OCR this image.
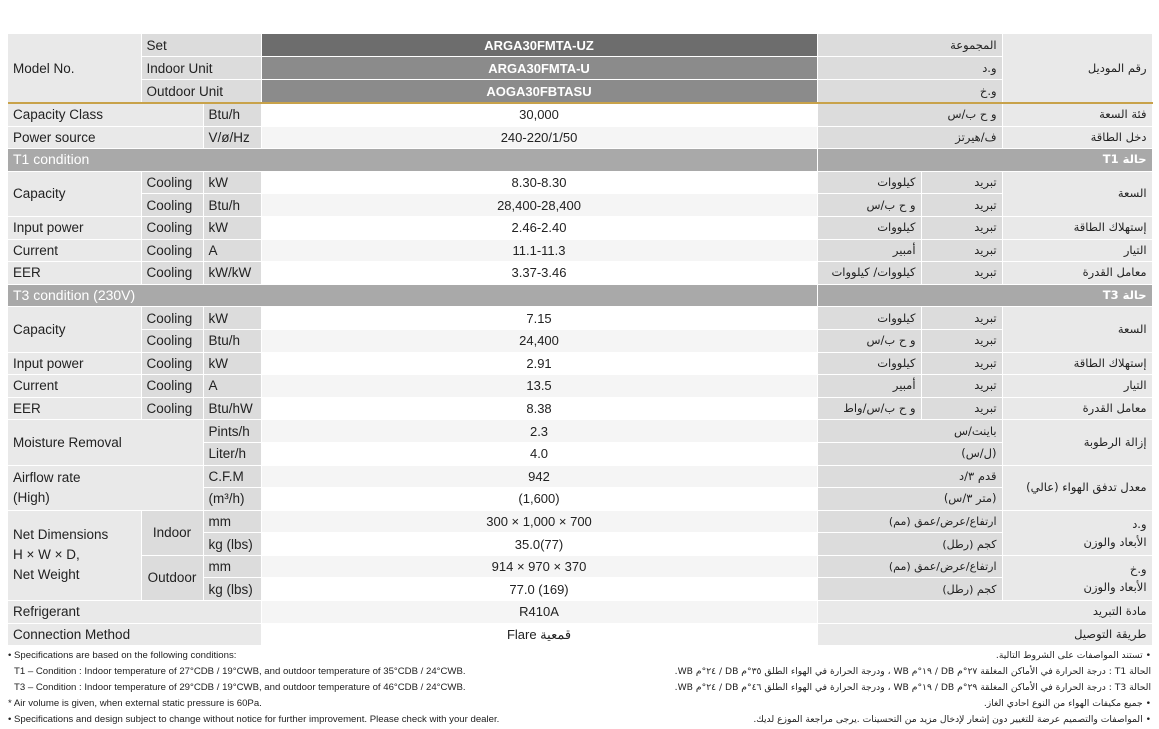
Model No.	Set		ARGA30FMTA-UZ	المجموعة		رقم الموديل
	Indoor Unit		ARGA30FMTA-U	و.د		
	Outdoor Unit		AOGA30FBTASU	و.خ		
Capacity Class		Btu/h	30,000	و ح ب/س		فئة السعة
Power source		V/ø/Hz	240-220/1/50	ف/هيرتز		دخل الطاقة
T1 condition				حالة T1		
Capacity	Cooling	kW	8.30-8.30	كيلووات	تبريد	السعة
	Cooling	Btu/h	28,400-28,400	و ح ب/س	تبريد	
Input power	Cooling	kW	2.46-2.40	كيلووات	تبريد	إستهلاك الطاقة
Current	Cooling	A	11.1-11.3	أمبير	تبريد	التيار
EER	Cooling	kW/kW	3.37-3.46	كيلووات/ كيلووات	تبريد	معامل القدرة
T3 condition (230V)				حالة T3		
Capacity	Cooling	kW	7.15	كيلووات	تبريد	السعة
	Cooling	Btu/h	24,400	و ح ب/س	تبريد	
Input power	Cooling	kW	2.91	كيلووات	تبريد	إستهلاك الطاقة
Current	Cooling	A	13.5	أمبير	تبريد	التيار
EER	Cooling	Btu/hW	8.38	و ح ب/س/واط	تبريد	معامل القدرة
Moisture Removal		Pints/h	2.3	باينت/س		إزالة الرطوبة
		Liter/h	4.0	(ل/س)		
Airflow rate
(High)		C.F.M	942	قدم ٣/د		معدل تدفق الهواء (عالي)
		(m³/h)	(1,600)	(متر ٣/س)		
Net Dimensions
H × W × D,
Net Weight	Indoor	mm	300 × 1,000 × 700	ارتفاع/عرض/عمق (مم)		و.د
الأبعاد والوزن
		kg (lbs)	35.0(77)	كجم (رطل)		
	Outdoor	mm	914 × 970 × 370	ارتفاع/عرض/عمق (مم)		و.خ
الأبعاد والوزن
		kg (lbs)	77.0 (169)	كجم (رطل)		
Refrigerant			R410A	مادة التبريد		
Connection Method			Flare قمعية	طريقة التوصيل		
• Specifications are based on the following conditions:
T1 – Condition : Indoor temperature of 27°CDB / 19°CWB, and outdoor temperature of 35°CDB / 24°CWB.
T3 – Condition : Indoor temperature of 29°CDB / 19°CWB, and outdoor temperature of 46°CDB / 24°CWB.
* Air volume is given, when external static pressure is 60Pa.
• Specifications and design subject to change without notice for further improvement. Please check with your dealer.
• تستند المواصفات على الشروط التالية.
الحالة T1 : درجة الحرارة في الأماكن المغلقة ٢٧°م DB / ١٩°م WB ، ودرجة الحرارة في الهواء الطلق ٣٥°م DB / ٢٤°م WB.
الحالة T3 : درجة الحرارة في الأماكن المغلقة ٢٩°م DB / ١٩°م WB ، ودرجة الحرارة في الهواء الطلق ٤٦°م DB / ٢٤°م WB.
• جميع مكيفات الهواء من النوع احادي الغاز.
• المواصفات والتصميم عرضة للتغيير دون إشعار لإدخال مزيد من التحسينات .يرجى مراجعة الموزع لديك.
